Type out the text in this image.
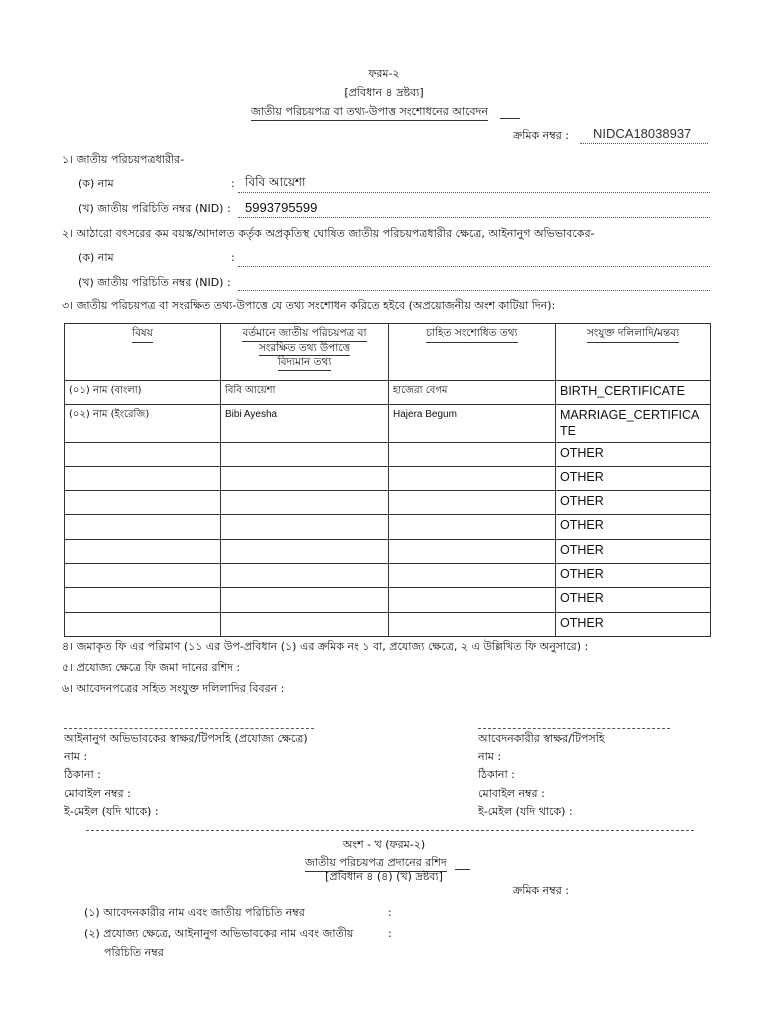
ফরম-২
[প্রবিধান ৪ দ্রষ্টব্য]
জাতীয় পরিচয়পত্র বা তথ্য-উপাত্ত সংশোধনের আবেদন
ক্রমিক নম্বর : NIDCA18038937
১। জাতীয় পরিচয়পত্রধারীর-
(ক) নাম	: বিবি আয়েশা
(খ) জাতীয় পরিচিতি নম্বর (NID) : 5993795599
২। আঠারো বৎসরের কম বয়স্ক/আদালত কর্তৃক অপ্রকৃতিস্থ ঘোষিত জাতীয় পরিচয়পত্রধারীর ক্ষেত্রে, আইনানুগ অভিভাবকের-
(ক) নাম	:
(খ) জাতীয় পরিচিতি নম্বর (NID) :
৩। জাতীয় পরিচয়পত্র বা সংরক্ষিত তথ্য-উপাত্তে যে তথ্য সংশোধন করিতে হইবে (অপ্রয়োজনীয় অংশ কাটিয়া দিন):
বিষয়	বর্তমানে জাতীয় পরিচয়পত্র বা
সংরক্ষিত তথ্য উপাত্তে
বিদ্যমান তথ্য	চাহিত সংশোধিত তথ্য	সংযুক্ত দলিলাদি/মন্তব্য
(০১) নাম (বাংলা)	বিবি আয়েশা	হাজেরা বেগম	BIRTH_CERTIFICATE
(০২) নাম (ইংরেজি)	Bibi Ayesha	Hajera Begum	MARRIAGE_CERTIFICATE
			OTHER
			OTHER
			OTHER
			OTHER
			OTHER
			OTHER
			OTHER
			OTHER
৪। জমাকৃত ফি এর পরিমাণ (১১ এর উপ-প্রবিধান (১) এর ক্রমিক নং ১ বা, প্রযোজ্য ক্ষেত্রে, ২ এ উল্লিখিত ফি অনুসারে) :
৫। প্রযোজ্য ক্ষেত্রে ফি জমা দানের রশিদ :
৬। আবেদনপত্রের সহিত সংযুক্ত দলিলাদির বিবরন :
আইনানুগ অভিভাবকের স্বাক্ষর/টিপসহি (প্রযোজ্য ক্ষেত্রে)
নাম :
ঠিকানা :
মোবাইল নম্বর :
ই-মেইল (যদি থাকে) :
আবেদনকারীর স্বাক্ষর/টিপসহি
নাম :
ঠিকানা :
মোবাইল নম্বর :
ই-মেইল (যদি থাকে) :
অংশ - খ (ফরম-২)
জাতীয় পরিচয়পত্র প্রদানের রশিদ
[প্রবিধান ৪ (৪) (খ) দ্রষ্টব্য]
ক্রমিক নম্বর :
(১) আবেদনকারীর নাম এবং জাতীয় পরিচিতি নম্বর	:
(২) প্রযোজ্য ক্ষেত্রে, আইনানুগ অভিভাবকের নাম এবং জাতীয়	:
পরিচিতি নম্বর
